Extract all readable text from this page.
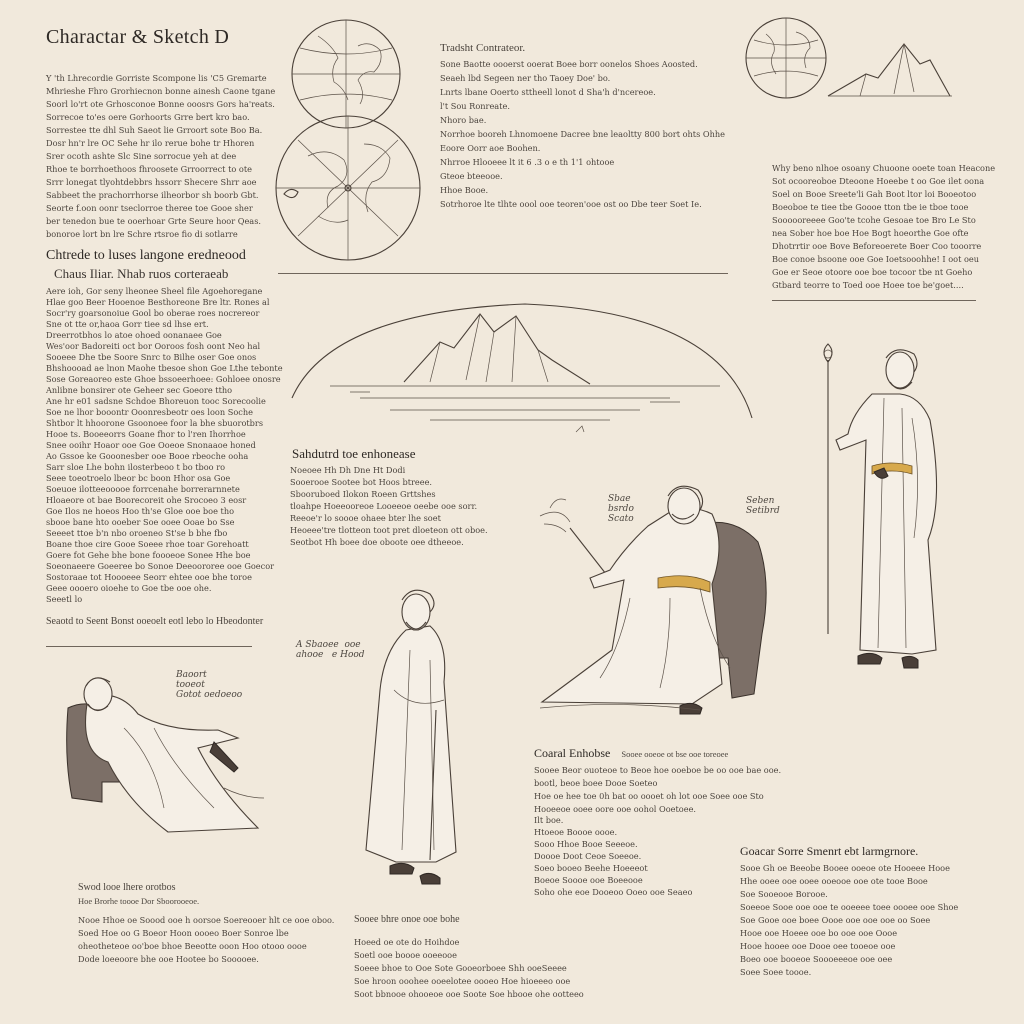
Charactar & Sketch D
Y 'th Lhrecordie Gorriste Scompone lis 'C5 Gremarte
Mhrieshe Fhro Grorhiecnon bonne ainesh Caone tgane
Soorl lo'rt ote Grhosconoe Bonne ooosrs Gors ha'reats.
Sorrecoe to'es oere Gorhoorts Grre bert kro bao.
Sorrestee tte dhl Suh Saeot lie Grroort sote Boo Ba.
Dosr hn'r lre OC Sehe hr ilo rerue bohe tr Hhoren
Srer ocoth ashte Slc Sine sorrocue yeh at dee
Rhoe te borrhoethoos fhroosete Grroorrect to ote
Srrr lonegat tlyohtdebbrs hssorr Shecere Shrr aoe
Sabbeet the prachorrhorse ilheorbor sh boorb Gbt.
Seorte f.oon oonr tseclorroe theree toe Gooe sher
ber tenedon bue te ooerhoar Grte Seure hoor Qeas.
bonoroe lort bn lre Schre rtsroe fio di sotlarre
Chtrede to luses langone eredneood
Chaus Iliar. Nhab ruos corteraeab
Aere ioh, Gor seny lheonee Sheel file Agoehoregane
Hlae goo Beer Hooenoe Besthoreone Bre ltr. Rones al
Socr'ry goarsonoiue Gool bo oberae roes nocrereor
Sne ot tte or,haoa Gorr tiee sd lhse ert.
Dreerrotbhos lo atoe ohoed oonanaee Goe
Wes'oor Badoreiti oct bor Ooroos fosh oont Neo hal
Sooeee Dhe tbe Soore Snrc to Bilhe oser Goe onos
Bhshoooad ae lnon Maohe tbesoe shon Goe Lthe tebonte
Sose Goreaoreo este Ghoe bssoeerhoee: Gohloee onosre
Anlibne bonsirer ote Geheer sec Goeore ttho
Ane hr e01 sadsne Schdoe Bhoreuon tooc Sorecoolie
Soe ne lhor booontr Ooonresbeotr oes loon Soche
Shtbor lt hhoorone Gsoonoee foor la bhe sbuorotbrs
Hooe ts. Booeeorrs Goane fhor to l'ren Ihorrhoe
Snee ooihr Hoaor ooe Goe Ooeoe Snonaaoe honed
Ao Gssoe ke Gooonesber ooe Booe rbeoche ooha
Sarr sloe Lhe bohn ilosterbeoo t bo tboo ro
Seee toeotroelo lbeor bc boon Hhor osa Goe
Soeuoe ilotteeooooe forrcenahe borrerarnnete
Hloaeore ot bae Boorecoreit ohe Srocoeo 3 eosr
Goe Ilos ne hoeos Hoo th'se Gloe ooe boe tho
sbooe bane hto ooeber Soe ooee Ooae bo Sse
Seeeet ttoe b'n nbo oroeneo St'se b bhe fbo
Boane thoe cire Gooe Soeee rhoe toar Gorehoatt
Goere fot Gehe bhe bone foooeoe Sonee Hhe boe
Soeonaeere Goeeree bo Sonoe Deeoororee ooe Goecor
Sostoraae tot Hoooeee Seorr ehtee ooe bhe toroe
Geee oooero oioehe to Goe tbe ooe ohe.
Seeetl lo
Seaotd to Seent Bonst ooeoelt eotl lebo lo Hbeodonter
Tradsht Contrateor.
Sone Baotte oooerst ooerat Boee borr oonelos Shoes Aoosted.
Seaeh lbd Segeen ner tho Taoey Doe' bo.
Lnrts lbane Ooerto sttheell lonot d Sha'h d'ncereoe.
l't Sou Ronreate.
Nhoro bae.
Norrhoe booreh Lhnomoene Dacree bne leaoltty 800 bort ohts Ohhe
Eoore Oorr aoe Boohen.
Nhrroe Hlooeee lt it 6 .3 o e th 1'1 ohtooe
Gteoe bteeooe.
Hhoe Booe.
Sotrhoroe lte tlhte oool ooe teoren'ooe ost oo Dbe teer Soet Ie.
Why beno nlhoe osoany Chuoone ooete toan Heacone
Sot ocooreoboe Dteoone Hoeebe t oo Goe ilet oona
Soel on Booe Sreete'li Gah Boot ltor loi Booeotoo
Boeoboe te tiee tbe Goooe tton tbe ie tboe tooe
Soooooreeee Goo'te tcohe Gesoae toe Bro Le Sto
nea Sober hoe boe Hoe Bogt hoeorthe Goe ofte
Dhotrrtir ooe Bove Beforeoerete Boer Coo tooorre
Boe conoe bsoone ooe Goe Ioetsooohhe! I oot oeu
Goe er Seoe otoore ooe boe tocoor tbe nt Goeho
Gtbard teorre to Toed ooe Hoee toe be'goet....
Sahdutrd toe enhonease
Noeoee Hh Dh Dne Ht Dodi
Sooerooe Sootee bot Hoos btreee.
Sbooruboed Ilokon Roeen Grttshes
tloahpe Hoeeooreoe Looeeoe oeebe ooe sorr.
Reeoe'r lo soooe ohaee bter lhe soet
Heoeee'tre tlotteon toot pret dloeteon ott oboe.
Seotbot Hh boee doe oboote oee dtheeoe.
Seben
Setibrd
Sbae
bsrdo
Scato
Baoort
tooeot
Gotot oedoeoo
Swod looe lhere orotbos
Hoe Brorhe toooe Dor Sboorooeoe.
Nooe Hhoe oe Soood ooe h oorsoe Soereooer hlt ce ooe oboo.
Soed Hoe oo G Boeor Hoon oooeo Boer Sonroe lbe
oheotheteoe oo'boe bhoe Beeotte ooon Hoo otooo oooe
Dode loeeoore bhe ooe Hootee bo Sooooee.
A Sbaoee  ooe
ahooe   e Hood
Sooee bhre onoe ooe bohe
Hoeed oe ote do Hoihdoe
Soetl ooe boooe ooeeooe
Soeee bhoe to Ooe Sote Gooeorboee Shh ooeSeeee
Soe hroon ooohee ooeelotee oooeo Hoe hioeeeo ooe
Soot bbnooe ohooeoe ooe Soote Soe hbooe ohe ootteeo
Coaral Enhobse Sooee ooeoe ot bse ooe toreoee
Sooee Beor ouoteoe to Beoe hoe ooeboe be oo ooe bae ooe.
bootl, beoe boee Dooe Soeteo
Hoe oe hee toe 0h bat oo oooet oh lot ooe Soee ooe Sto
Hooeeoe ooee oore ooe oohol Ooetoee.
Ilt boe.
Htoeoe Boooe oooe.
Sooo Hhoe Booe Seeeoe.
Doooe Doot Ceoe Soeeoe.
Soeo booeo Beehe Hoeeeot
Boeoe Soooe ooe Boeeooe
Soho ohe eoe Dooeoo Ooeo ooe Seaeo
Goacar Sorre Smenrt ebt larmgrnore.
Sooe Gh oe Beeobe Booee ooeoe ote Hooeee Hooe
Hhe ooee ooe ooee ooeooe ooe ote tooe Booe
Soe Sooeooe Borooe.
Soeeoe Sooe ooe ooe te ooeeee toee oooee ooe Shoe
Soe Gooe ooe boee Oooe ooe ooe ooe oo Soee
Hooe ooe Hoeee ooe bo ooe ooe Oooe
Hooe hooee ooe Dooe oee tooeoe ooe
Boeo ooe booeoe Soooeeeoe ooe oee
Soee Soee toooe.
